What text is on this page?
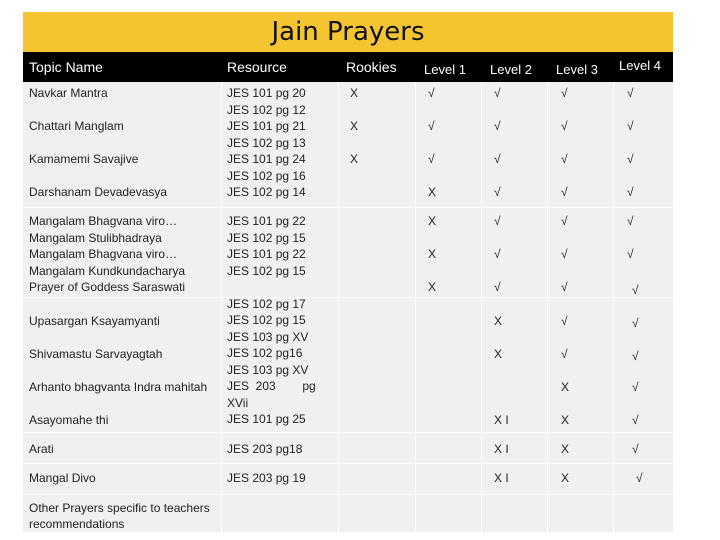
Jain Prayers
Topic Name	Resource	Rookies Level 1 Level 2 Level 3 Level 4
Navkar Mantra
Chattari Manglam
Kamamemi Savajive
Darshanam Devadevasya
Mangalam Bhagvana viro…
Mangalam Stulibhadraya
Mangalam Bhagvana viro…
Mangalam Kundkundacharya
Prayer of Goddess Saraswati
Upasargan Ksayamyanti
Shivamastu Sarvayagtah
Arhanto bhagvanta Indra mahitah
Asayomahe thi
Arati
Mangal Divo
Other Prayers specific to teachers
recommendations
JES 101 pg 20
JES 102 pg 12
JES 101 pg 21
JES 102 pg 13
JES 101 pg 24
JES 102 pg 16
JES 102 pg 14
JES 101 pg 22
JES 102 pg 15
JES 101 pg 22
JES 102 pg 15
JES 102 pg 17
JES 102 pg 15
JES 103 pg XV
JES 102 pg16
JES 103 pg XV
JES  203        pg
XVii
JES 101 pg 25
JES 203 pg18
JES 203 pg 19
X
X
X
√
√
√
X
X
X
X
√
√
√
√
√
√
√
X
X
X I
X I
X I
√
√
√
√
√
√
√
√
√
X
X
X
X
√
√
√
√
√
√
√
√
√
√
√
√
√
